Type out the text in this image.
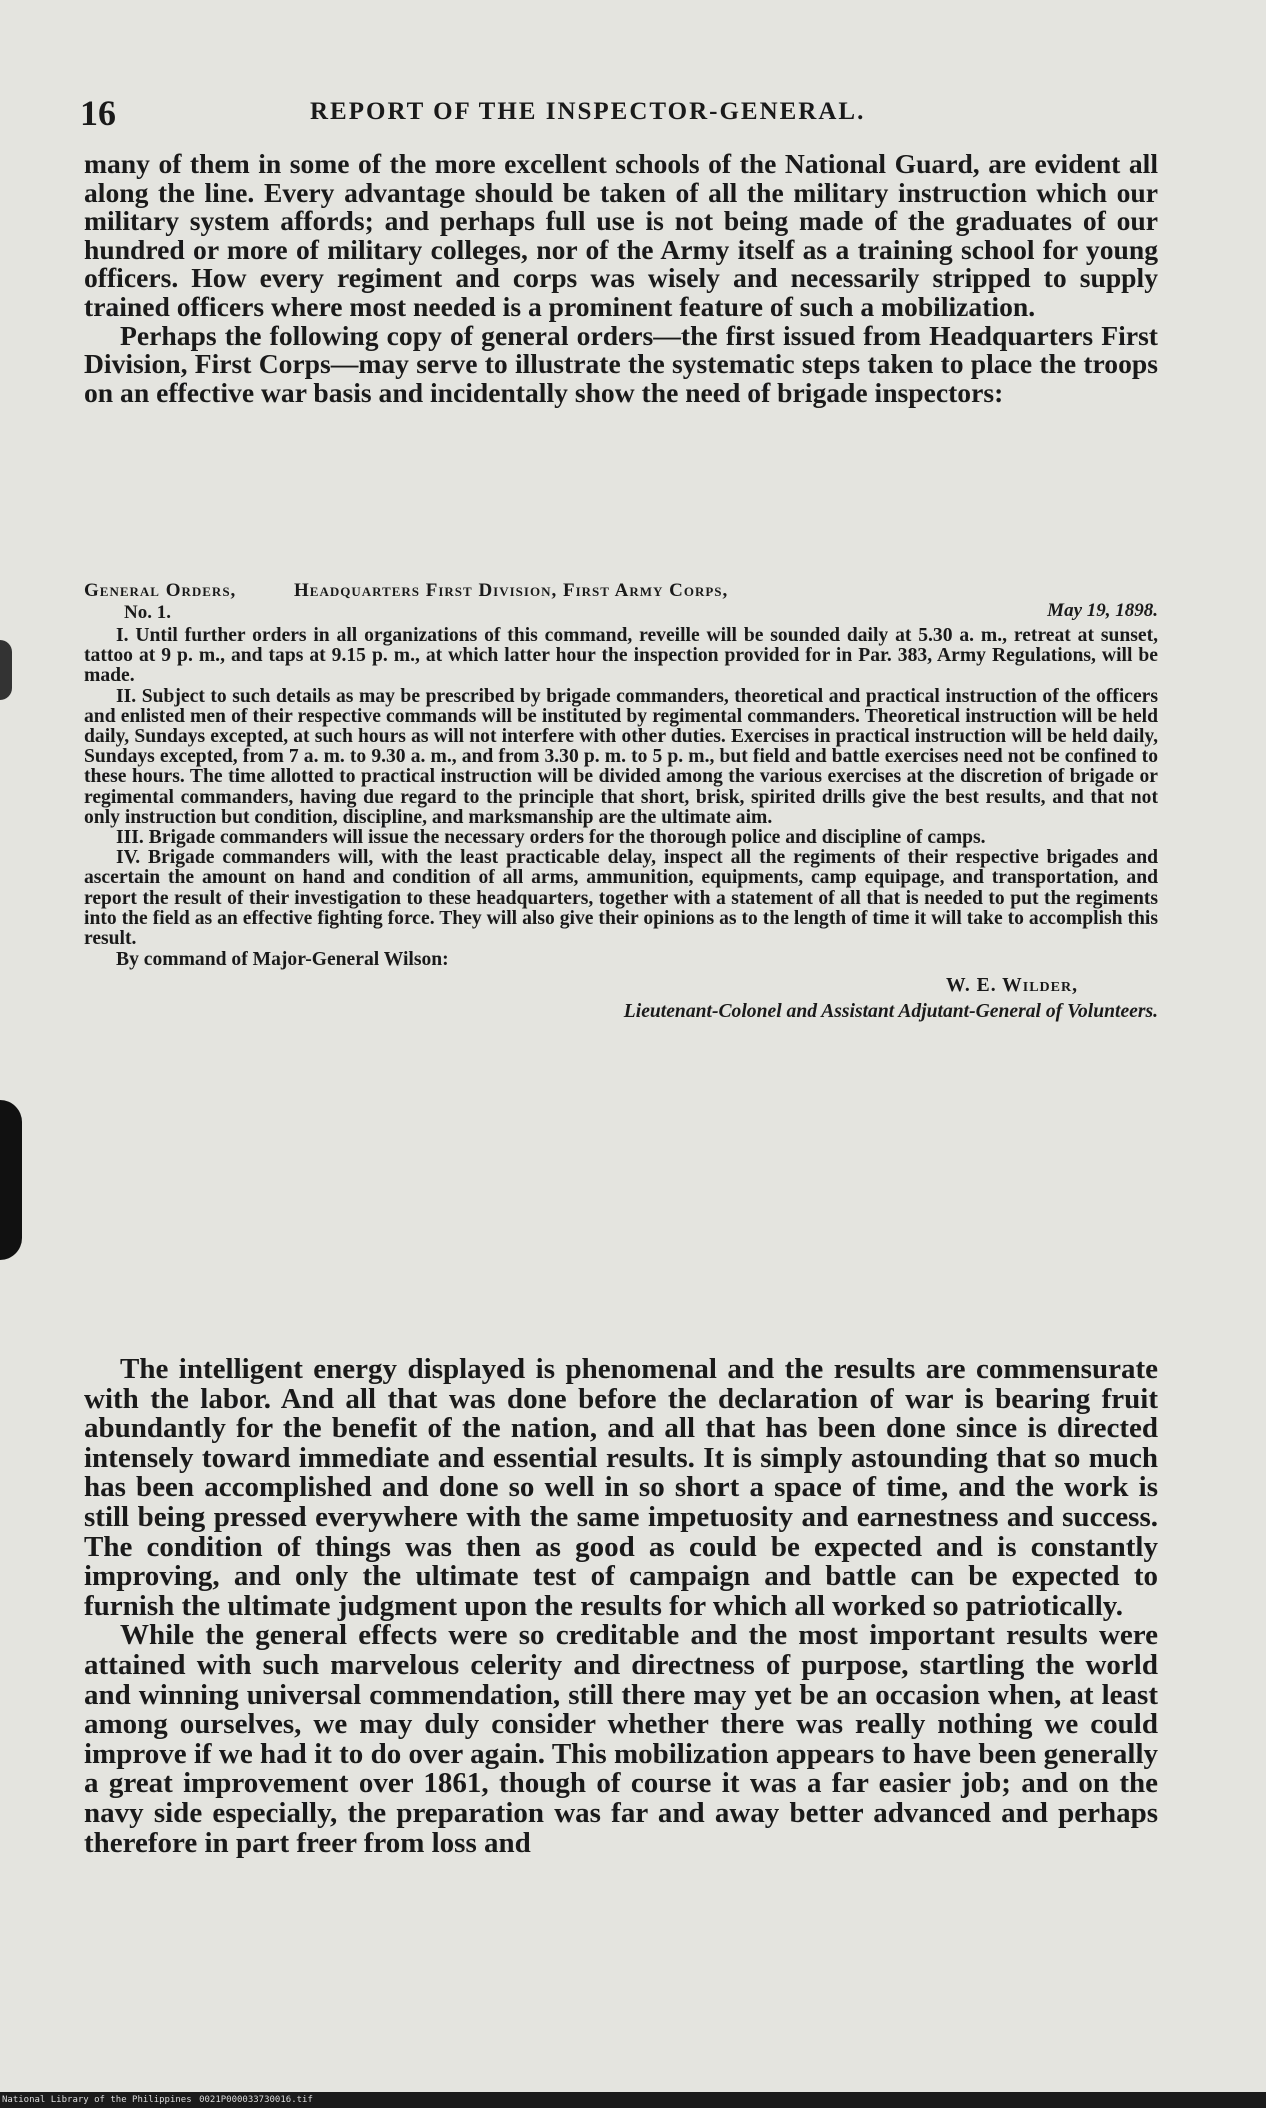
16	REPORT OF THE INSPECTOR-GENERAL.

many of them in some of the more excellent schools of the National Guard, are evident all along the line. Every advantage should be taken of all the military instruction which our military system affords; and perhaps full use is not being made of the graduates of our hundred or more of military colleges, nor of the Army itself as a training school for young officers. How every regiment and corps was wisely and necessarily stripped to supply trained officers where most needed is a prominent feature of such a mobilization.

Perhaps the following copy of general orders—the first issued from Headquarters First Division, First Corps—may serve to illustrate the systematic steps taken to place the troops on an effective war basis and incidentally show the need of brigade inspectors:

General Orders,
No. 1.
Headquarters First Division, First Army Corps,
May 19, 1898.

I. Until further orders in all organizations of this command, reveille will be sounded daily at 5.30 a. m., retreat at sunset, tattoo at 9 p. m., and taps at 9.15 p. m., at which latter hour the inspection provided for in Par. 383, Army Regulations, will be made.

II. Subject to such details as may be prescribed by brigade commanders, theoretical and practical instruction of the officers and enlisted men of their respective commands will be instituted by regimental commanders. Theoretical instruction will be held daily, Sundays excepted, at such hours as will not interfere with other duties. Exercises in practical instruction will be held daily, Sundays excepted, from 7 a. m. to 9.30 a. m., and from 3.30 p. m. to 5 p. m., but field and battle exercises need not be confined to these hours. The time allotted to practical instruction will be divided among the various exercises at the discretion of brigade or regimental commanders, having due regard to the principle that short, brisk, spirited drills give the best results, and that not only instruction but condition, discipline, and marksmanship are the ultimate aim.

III. Brigade commanders will issue the necessary orders for the thorough police and discipline of camps.

IV. Brigade commanders will, with the least practicable delay, inspect all the regiments of their respective brigades and ascertain the amount on hand and condition of all arms, ammunition, equipments, camp equipage, and transportation, and report the result of their investigation to these headquarters, together with a statement of all that is needed to put the regiments into the field as an effective fighting force. They will also give their opinions as to the length of time it will take to accomplish this result.

By command of Major-General Wilson:

W. E. Wilder,

Lieutenant-Colonel and Assistant Adjutant-General of Volunteers.

The intelligent energy displayed is phenomenal and the results are commensurate with the labor. And all that was done before the declaration of war is bearing fruit abundantly for the benefit of the nation, and all that has been done since is directed intensely toward immediate and essential results. It is simply astounding that so much has been accomplished and done so well in so short a space of time, and the work is still being pressed everywhere with the same impetuosity and earnestness and success. The condition of things was then as good as could be expected and is constantly improving, and only the ultimate test of campaign and battle can be expected to furnish the ultimate judgment upon the results for which all worked so patriotically.

While the general effects were so creditable and the most important results were attained with such marvelous celerity and directness of purpose, startling the world and winning universal commendation, still there may yet be an occasion when, at least among ourselves, we may duly consider whether there was really nothing we could improve if we had it to do over again. This mobilization appears to have been generally a great improvement over 1861, though of course it was a far easier job; and on the navy side especially, the preparation was far and away better advanced and perhaps therefore in part freer from loss and

National Library of the Philippines 0021P000033730016.tif
